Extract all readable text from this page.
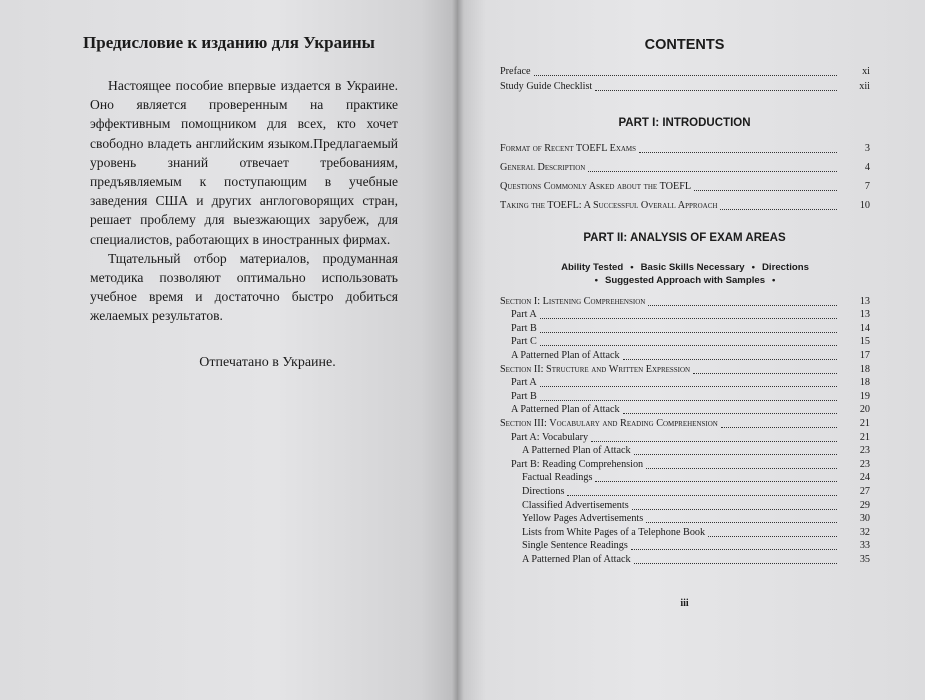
Предисловие к изданию для Украины

Настоящее пособие впервые издается в Украине. Оно является проверенным на практике эффективным помощником для всех, кто хочет свободно владеть английским языком.Предлагаемый уровень знаний отвечает требованиям, предъявляемым к поступающим в учебные заведения США и других англоговорящих стран, решает проблему для выезжающих зарубеж, для специалистов, работающих в иностранных фирмах.

Тщательный отбор материалов, продуманная методика позволяют оптимально использовать учебное время и достаточно быстро добиться желаемых результатов.

Отпечатано в Украине.
CONTENTS
Preface	xi
Study Guide Checklist	xii
PART I: INTRODUCTION
Format of Recent TOEFL Exams	3
General Description	4
Questions Commonly Asked about the TOEFL	7
Taking the TOEFL: A Successful Overall Approach	10
PART II: ANALYSIS OF EXAM AREAS
Ability Tested • Basic Skills Necessary • Directions
• Suggested Approach with Samples •
Section I: Listening Comprehension	13
Part A	13
Part B	14
Part C	15
A Patterned Plan of Attack	17
Section II: Structure and Written Expression	18
Part A	18
Part B	19
A Patterned Plan of Attack	20
Section III: Vocabulary and Reading Comprehension	21
Part A: Vocabulary	21
A Patterned Plan of Attack	23
Part B: Reading Comprehension	23
Factual Readings	24
Directions	27
Classified Advertisements	29
Yellow Pages Advertisements	30
Lists from White Pages of a Telephone Book	32
Single Sentence Readings	33
A Patterned Plan of Attack	35
iii
